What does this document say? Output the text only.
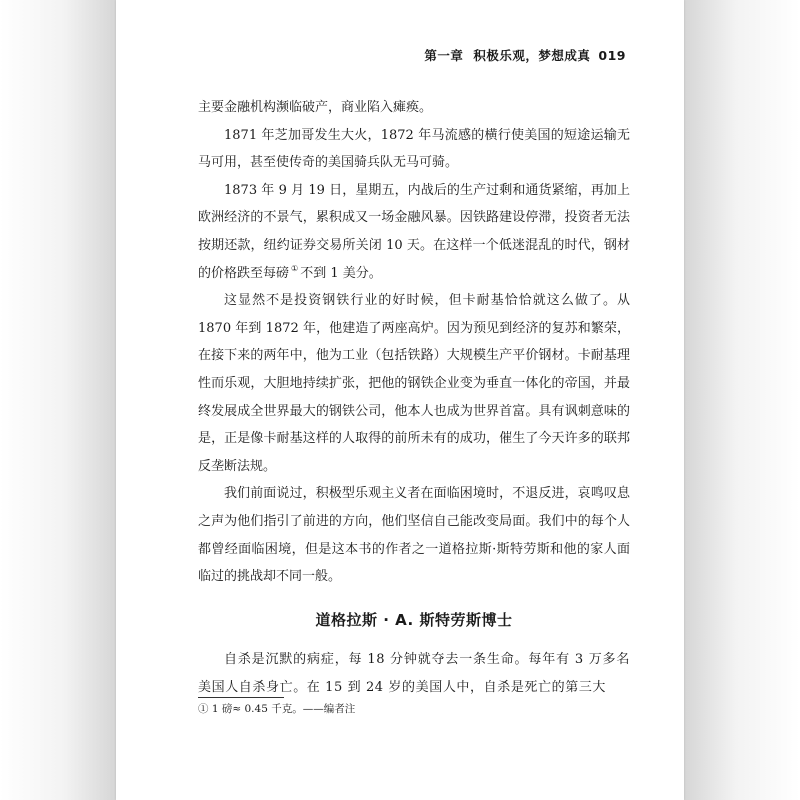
第一章 积极乐观，梦想成真 019

主要金融机构濒临破产，商业陷入瘫痪。

1871 年芝加哥发生大火，1872 年马流感的横行使美国的短途运输无马可用，甚至使传奇的美国骑兵队无马可骑。

1873 年 9 月 19 日，星期五，内战后的生产过剩和通货紧缩，再加上欧洲经济的不景气，累积成又一场金融风暴。因铁路建设停滞，投资者无法按期还款，纽约证券交易所关闭 10 天。在这样一个低迷混乱的时代，钢材的价格跌至每磅 ① 不到 1 美分。

这显然不是投资钢铁行业的好时候，但卡耐基恰恰就这么做了。从 1870 年到 1872 年，他建造了两座高炉。因为预见到经济的复苏和繁荣，在接下来的两年中，他为工业（包括铁路）大规模生产平价钢材。卡耐基理性而乐观，大胆地持续扩张，把他的钢铁企业变为垂直一体化的帝国，并最终发展成全世界最大的钢铁公司，他本人也成为世界首富。具有讽刺意味的是，正是像卡耐基这样的人取得的前所未有的成功，催生了今天许多的联邦反垄断法规。

我们前面说过，积极型乐观主义者在面临困境时，不退反进，哀鸣叹息之声为他们指引了前进的方向，他们坚信自己能改变局面。我们中的每个人都曾经面临困境，但是这本书的作者之一道格拉斯·斯特劳斯和他的家人面临过的挑战却不同一般。

道格拉斯 · A. 斯特劳斯博士

自杀是沉默的病症，每 18 分钟就夺去一条生命。每年有 3 万多名美国人自杀身亡。在 15 到 24 岁的美国人中，自杀是死亡的第三大

① 1 磅≈ 0.45 千克。——编者注
